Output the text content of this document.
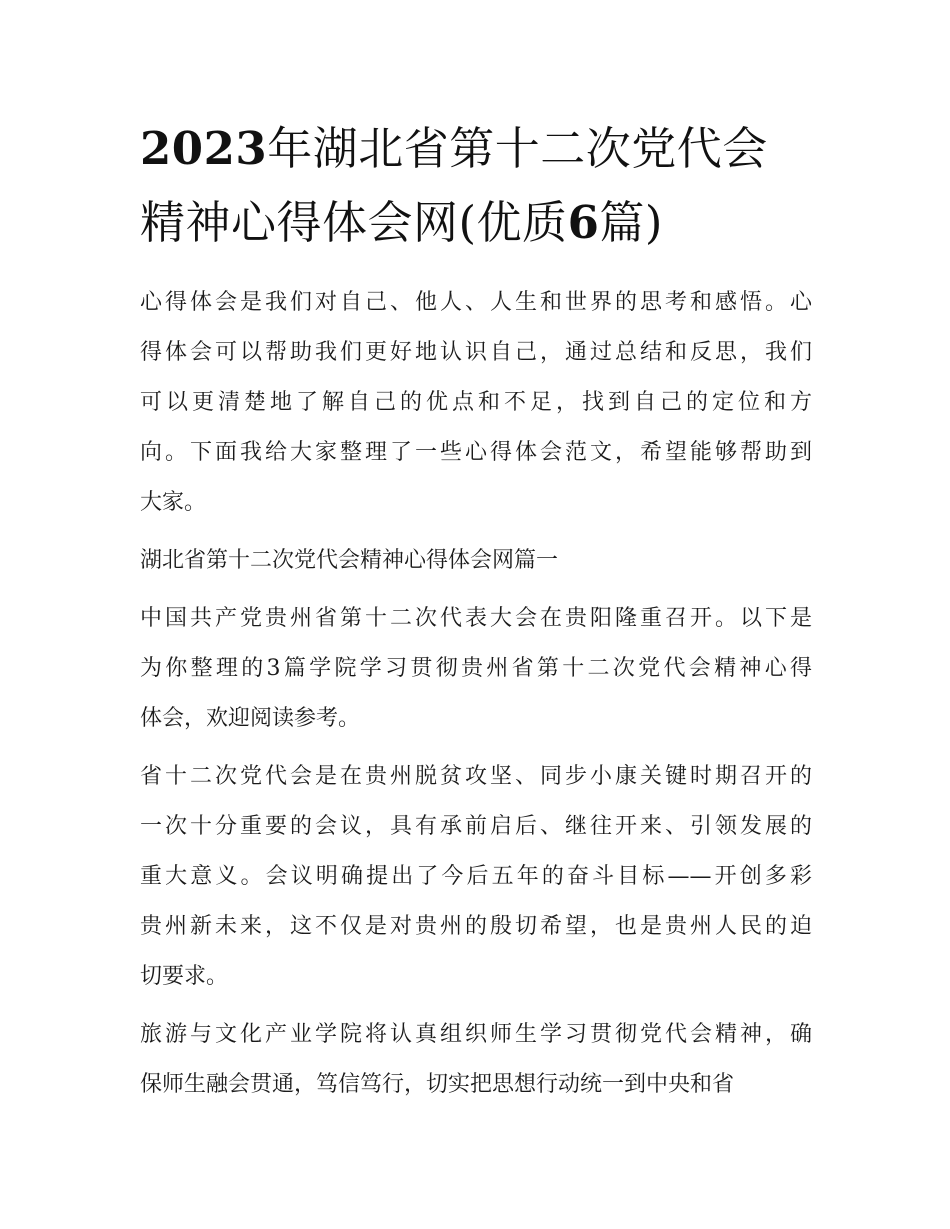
2023年湖北省第十二次党代会
精神心得体会网(优质6篇)
心得体会是我们对自己、他人、人生和世界的思考和感悟。心
得体会可以帮助我们更好地认识自己，通过总结和反思，我们
可以更清楚地了解自己的优点和不足，找到自己的定位和方
向。下面我给大家整理了一些心得体会范文，希望能够帮助到
大家。
湖北省第十二次党代会精神心得体会网篇一
中国共产党贵州省第十二次代表大会在贵阳隆重召开。以下是
为你整理的3篇学院学习贯彻贵州省第十二次党代会精神心得
体会，欢迎阅读参考。
省十二次党代会是在贵州脱贫攻坚、同步小康关键时期召开的
一次十分重要的会议，具有承前启后、继往开来、引领发展的
重大意义。会议明确提出了今后五年的奋斗目标——开创多彩
贵州新未来，这不仅是对贵州的殷切希望，也是贵州人民的迫
切要求。
旅游与文化产业学院将认真组织师生学习贯彻党代会精神，确
保师生融会贯通，笃信笃行，切实把思想行动统一到中央和省
